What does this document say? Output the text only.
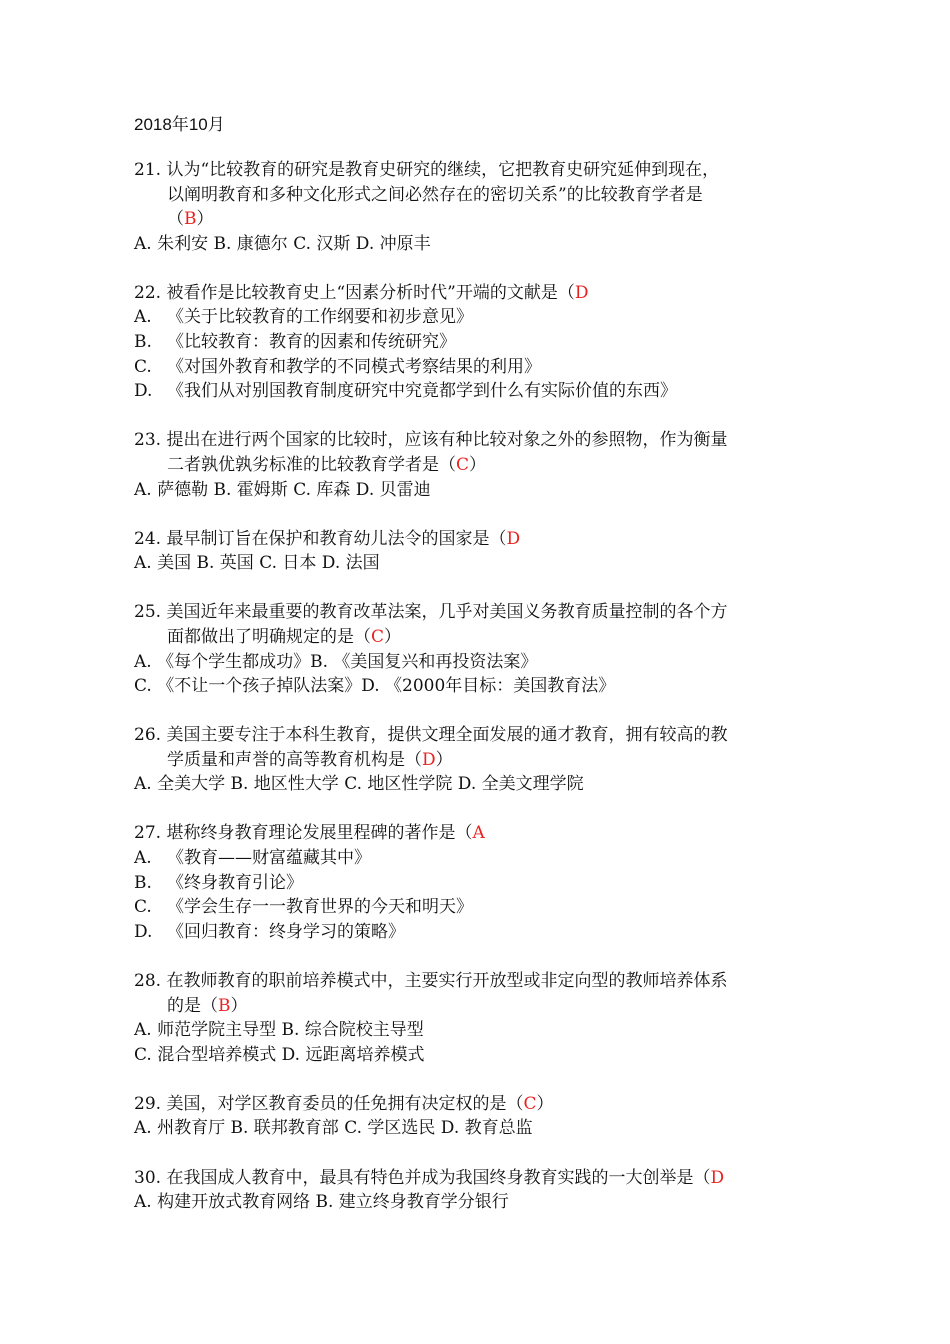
2018年10月
21. 认为“比较教育的研究是教育史研究的继续，它把教育史研究延伸到现在，
以阐明教育和多种文化形式之间必然存在的密切关系”的比较教育学者是
（B）
A. 朱利安 B. 康德尔 C. 汉斯 D. 冲原丰
22. 被看作是比较教育史上“因素分析时代”开端的文献是（D
A. 《关于比较教育的工作纲要和初步意见》
B. 《比较教育：教育的因素和传统研究》
C. 《对国外教育和教学的不同模式考察结果的利用》
D. 《我们从对别国教育制度研究中究竟都学到什么有实际价值的东西》
23. 提出在进行两个国家的比较时，应该有种比较对象之外的参照物，作为衡量
二者孰优孰劣标准的比较教育学者是（C）
A. 萨德勒 B. 霍姆斯 C. 库森 D. 贝雷迪
24. 最早制订旨在保护和教育幼儿法令的国家是（D
A. 美国 B. 英国 C. 日本 D. 法国
25. 美国近年来最重要的教育改革法案，几乎对美国义务教育质量控制的各个方
面都做出了明确规定的是（C）
A. 《每个学生都成功》B. 《美国复兴和再投资法案》
C. 《不让一个孩子掉队法案》D. 《2000年目标：美国教育法》
26. 美国主要专注于本科生教育，提供文理全面发展的通才教育，拥有较高的教
学质量和声誉的高等教育机构是（D）
A. 全美大学 B. 地区性大学 C. 地区性学院 D. 全美文理学院
27. 堪称终身教育理论发展里程碑的著作是（A
A. 《教育——财富蕴藏其中》
B. 《终身教育引论》
C. 《学会生存一一教育世界的今天和明天》
D. 《回归教育：终身学习的策略》
28. 在教师教育的职前培养模式中，主要实行开放型或非定向型的教师培养体系
的是（B）
A. 师范学院主导型 B. 综合院校主导型
C. 混合型培养模式 D. 远距离培养模式
29. 美国，对学区教育委员的任免拥有决定权的是（C）
A. 州教育厅 B. 联邦教育部 C. 学区选民 D. 教育总监
30. 在我国成人教育中，最具有特色并成为我国终身教育实践的一大创举是（D
A. 构建开放式教育网络 B. 建立终身教育学分银行
